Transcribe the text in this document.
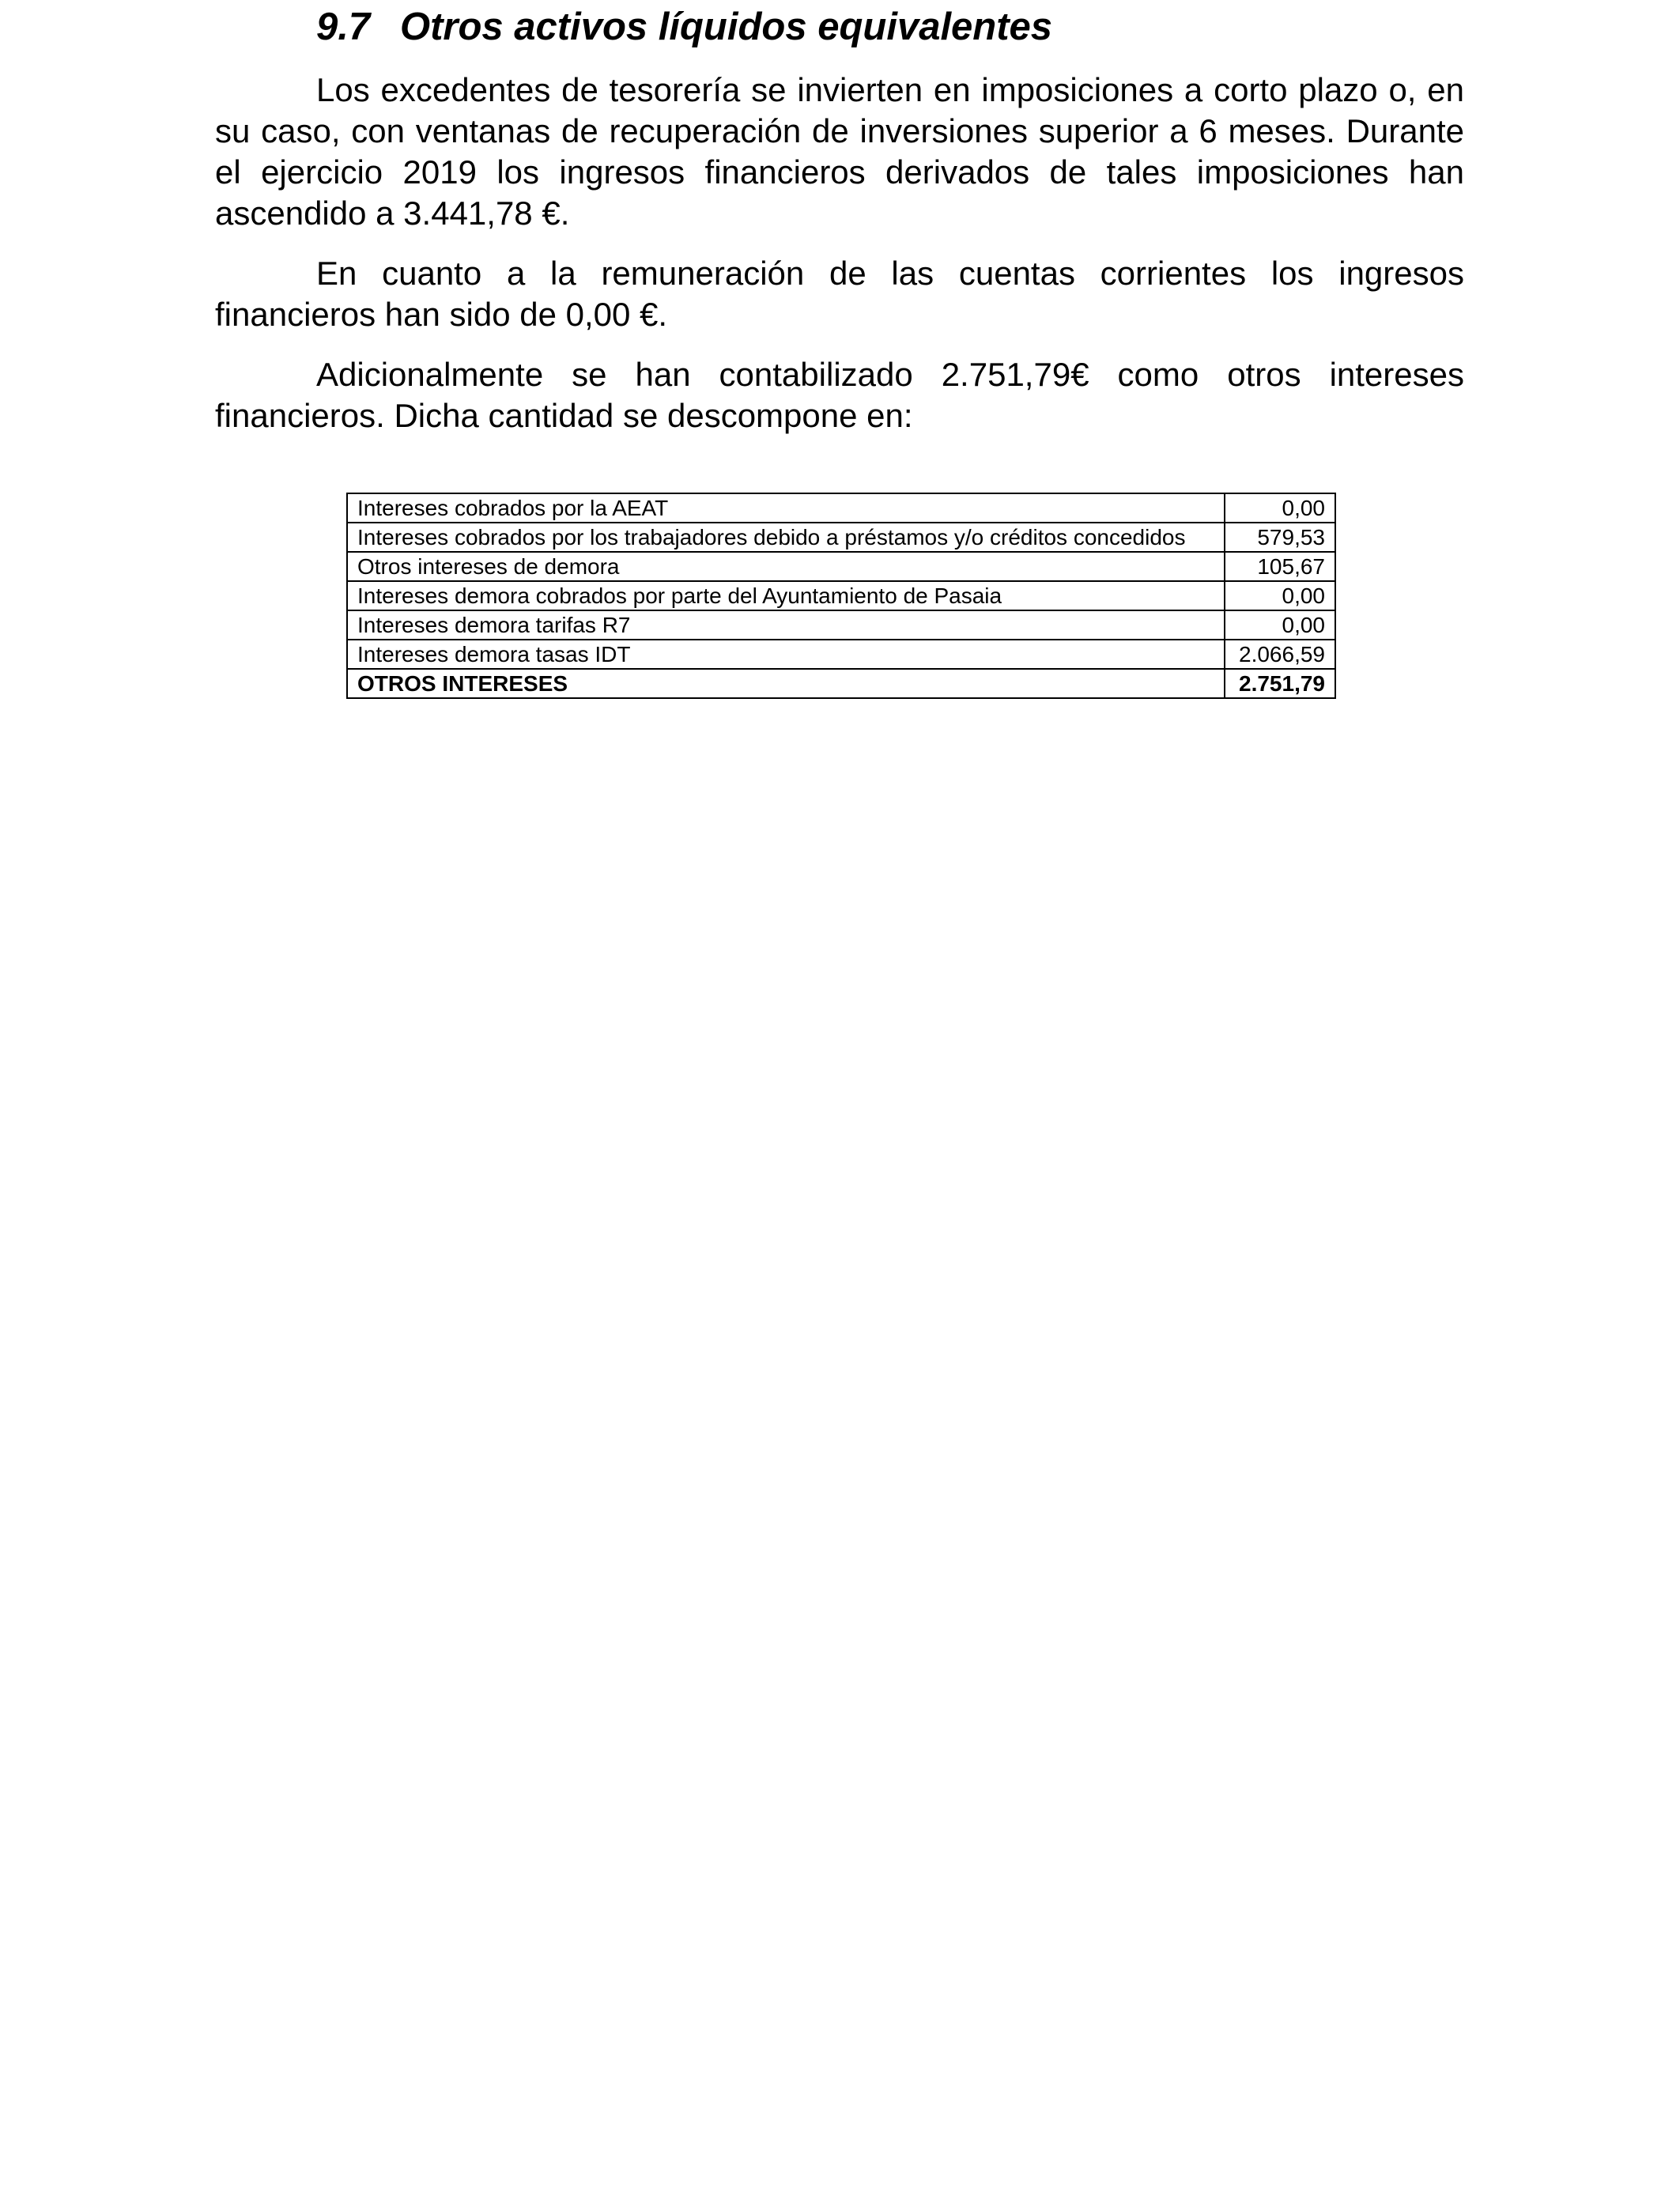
9.7 Otros activos líquidos equivalentes

Los excedentes de tesorería se invierten en imposiciones a corto plazo o, en su caso, con ventanas de recuperación de inversiones superior a 6 meses. Durante el ejercicio 2019 los ingresos financieros derivados de tales imposiciones han ascendido a 3.441,78 €.

En cuanto a la remuneración de las cuentas corrientes los ingresos financieros han sido de 0,00 €.

Adicionalmente se han contabilizado 2.751,79€ como otros intereses financieros. Dicha cantidad se descompone en:

Intereses cobrados por la AEAT	0,00
Intereses cobrados por los trabajadores debido a préstamos y/o créditos concedidos	579,53
Otros intereses de demora	105,67
Intereses demora cobrados por parte del Ayuntamiento de Pasaia	0,00
Intereses demora tarifas R7	0,00
Intereses demora tasas IDT	2.066,59
OTROS INTERESES	2.751,79
